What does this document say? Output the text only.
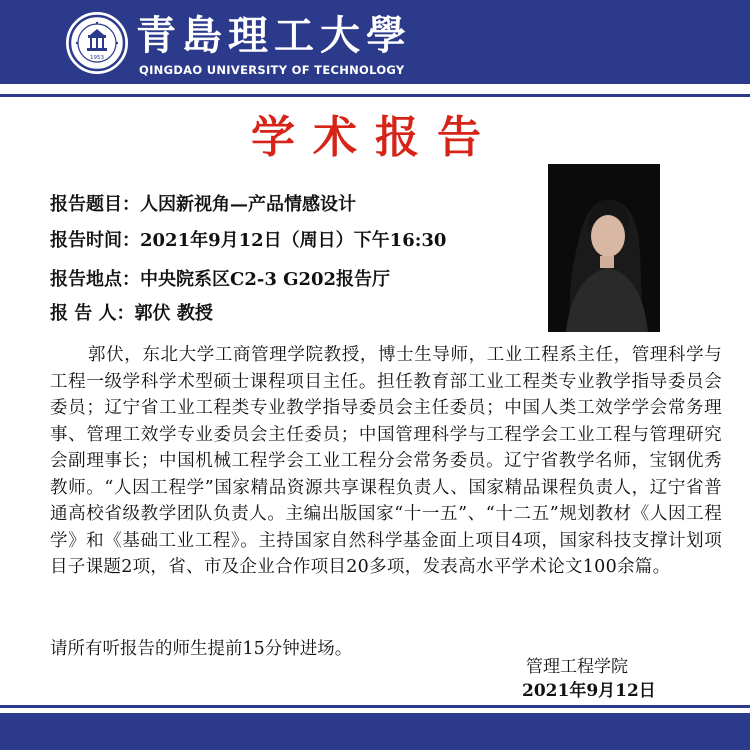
1953 青島理工大學
QINGDAO UNIVERSITY OF TECHNOLOGY
学术报告
报告题目：人因新视角—产品情感设计
报告时间：2021年9月12日（周日）下午16:30
报告地点：中央院系区C2-3 G202报告厅
报 告 人：郭伏 教授
郭伏，东北大学工商管理学院教授，博士生导师，工业工程系主任，管理科学与工程一级学科学术型硕士课程项目主任。担任教育部工业工程类专业教学指导委员会委员；辽宁省工业工程类专业教学指导委员会主任委员；中国人类工效学学会常务理事、管理工效学专业委员会主任委员；中国管理科学与工程学会工业工程与管理研究会副理事长；中国机械工程学会工业工程分会常务委员。辽宁省教学名师，宝钢优秀教师。“人因工程学”国家精品资源共享课程负责人、国家精品课程负责人，辽宁省普通高校省级教学团队负责人。主编出版国家“十一五”、“十二五”规划教材《人因工程学》和《基础工业工程》。主持国家自然科学基金面上项目4项，国家科技支撑计划项目子课题2项，省、市及企业合作项目20多项，发表高水平学术论文100余篇。
请所有听报告的师生提前15分钟进场。
管理工程学院
2021年9月12日
